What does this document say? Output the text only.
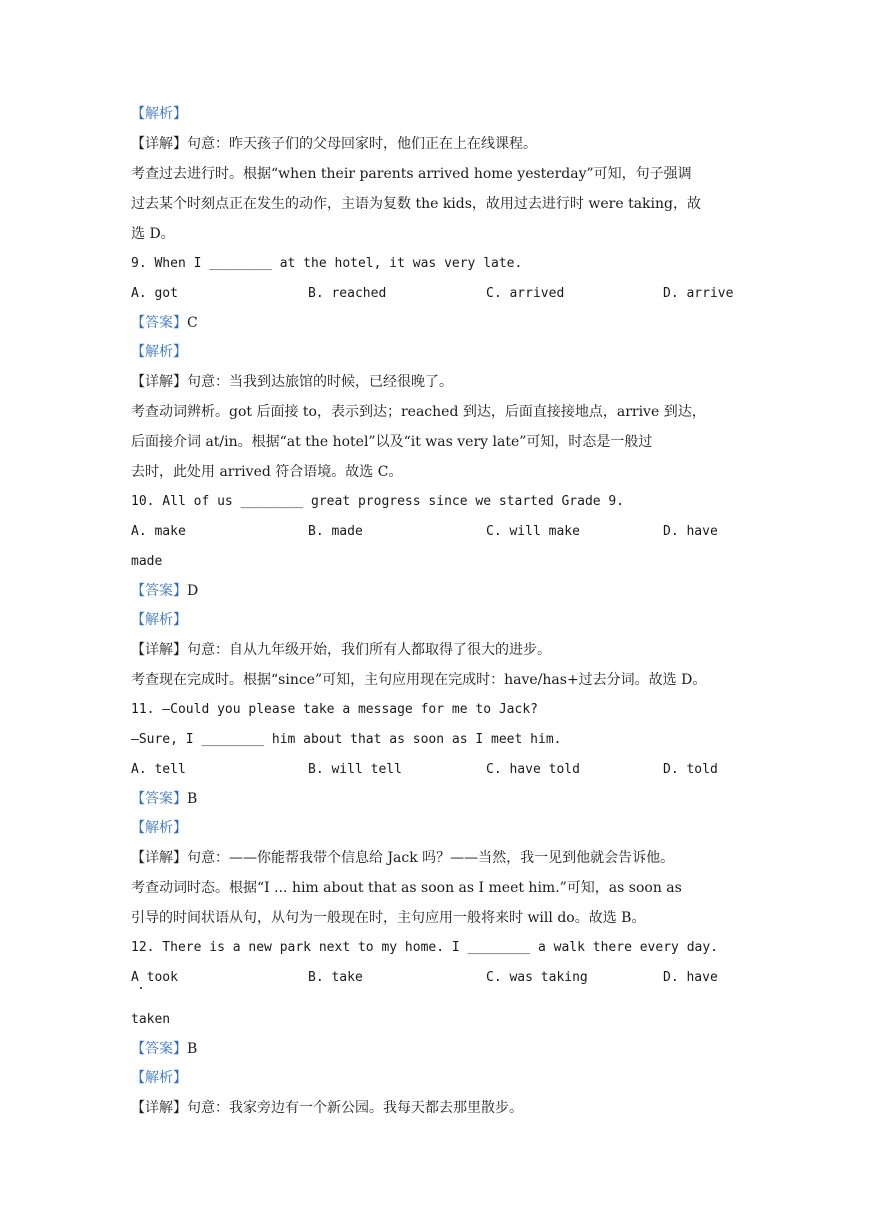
【解析】
【详解】句意：昨天孩子们的父母回家时，他们正在上在线课程。
考查过去进行时。根据“when their parents arrived home yesterday”可知，句子强调
过去某个时刻点正在发生的动作，主语为复数 the kids，故用过去进行时 were taking，故
选 D。
9. When I ________ at the hotel, it was very late.
A. got	B. reached	C. arrived	D. arrive
【答案】C
【解析】
【详解】句意：当我到达旅馆的时候，已经很晚了。
考查动词辨析。got 后面接 to，表示到达；reached 到达，后面直接接地点，arrive 到达，
后面接介词 at/in。根据“at the hotel”以及“it was very late”可知，时态是一般过
去时，此处用 arrived 符合语境。故选 C。
10. All of us ________ great progress since we started Grade 9.
A. make	B. made	C. will make	D. have
made
【答案】D
【解析】
【详解】句意：自从九年级开始，我们所有人都取得了很大的进步。
考查现在完成时。根据“since”可知，主句应用现在完成时：have/has+过去分词。故选 D。
11. —Could you please take a message for me to Jack?
—Sure, I ________ him about that as soon as I meet him.
A. tell	B. will tell	C. have told	D. told
【答案】B
【解析】
【详解】句意：——你能帮我带个信息给 Jack 吗？——当然，我一见到他就会告诉他。
考查动词时态。根据“I ... him about that as soon as I meet him.”可知，as soon as
引导的时间状语从句，从句为一般现在时，主句应用一般将来时 will do。故选 B。
12. There is a new park next to my home. I ________ a walk there every day.
A took	B. take	C. was taking	D. have
taken
【答案】B
【解析】
【详解】句意：我家旁边有一个新公园。我每天都去那里散步。
